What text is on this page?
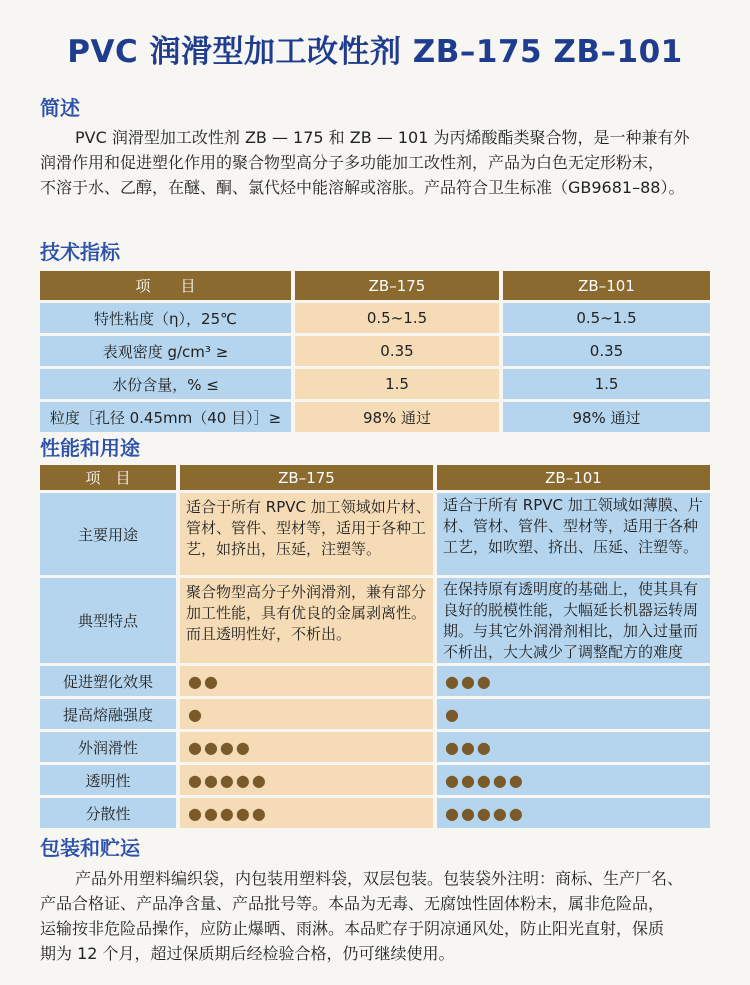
PVC 润滑型加工改性剂 ZB–175 ZB–101
简述
PVC 润滑型加工改性剂 ZB — 175 和 ZB — 101 为丙烯酸酯类聚合物，是一种兼有外
润滑作用和促进塑化作用的聚合物型高分子多功能加工改性剂，产品为白色无定形粉末，
不溶于水、乙醇，在醚、酮、氯代烃中能溶解或溶胀。产品符合卫生标准（GB9681–88）。
技术指标
项　　目	ZB–175	ZB–101
特性粘度（η），25℃	0.5~1.5	0.5~1.5
表观密度 g/cm³ ≥	0.35	0.35
水份含量，% ≤	1.5	1.5
粒度［孔径 0.45mm（40 目）］≥	98% 通过	98% 通过
性能和用途
项　目	ZB–175	ZB–101
主要用途	适合于所有 RPVC 加工领域如片材、管材、管件、型材等，适用于各种工艺，如挤出，压延，注塑等。	适合于所有 RPVC 加工领域如薄膜、片材、管材、管件、型材等，适用于各种工艺，如吹塑、挤出、压延、注塑等。
典型特点	聚合物型高分子外润滑剂，兼有部分加工性能，具有优良的金属剥离性。而且透明性好，不析出。	在保持原有透明度的基础上，使其具有良好的脱模性能，大幅延长机器运转周期。与其它外润滑剂相比，加入过量而不析出，大大减少了调整配方的难度
促进塑化效果	●●	●●●
提高熔融强度	●	●
外润滑性	●●●●	●●●
透明性	●●●●●	●●●●●
分散性	●●●●●	●●●●●
包装和贮运
产品外用塑料编织袋，内包装用塑料袋，双层包装。包装袋外注明：商标、生产厂名、
产品合格证、产品净含量、产品批号等。本品为无毒、无腐蚀性固体粉末，属非危险品，
运输按非危险品操作，应防止爆晒、雨淋。本品贮存于阴凉通风处，防止阳光直射，保质
期为 12 个月，超过保质期后经检验合格，仍可继续使用。
